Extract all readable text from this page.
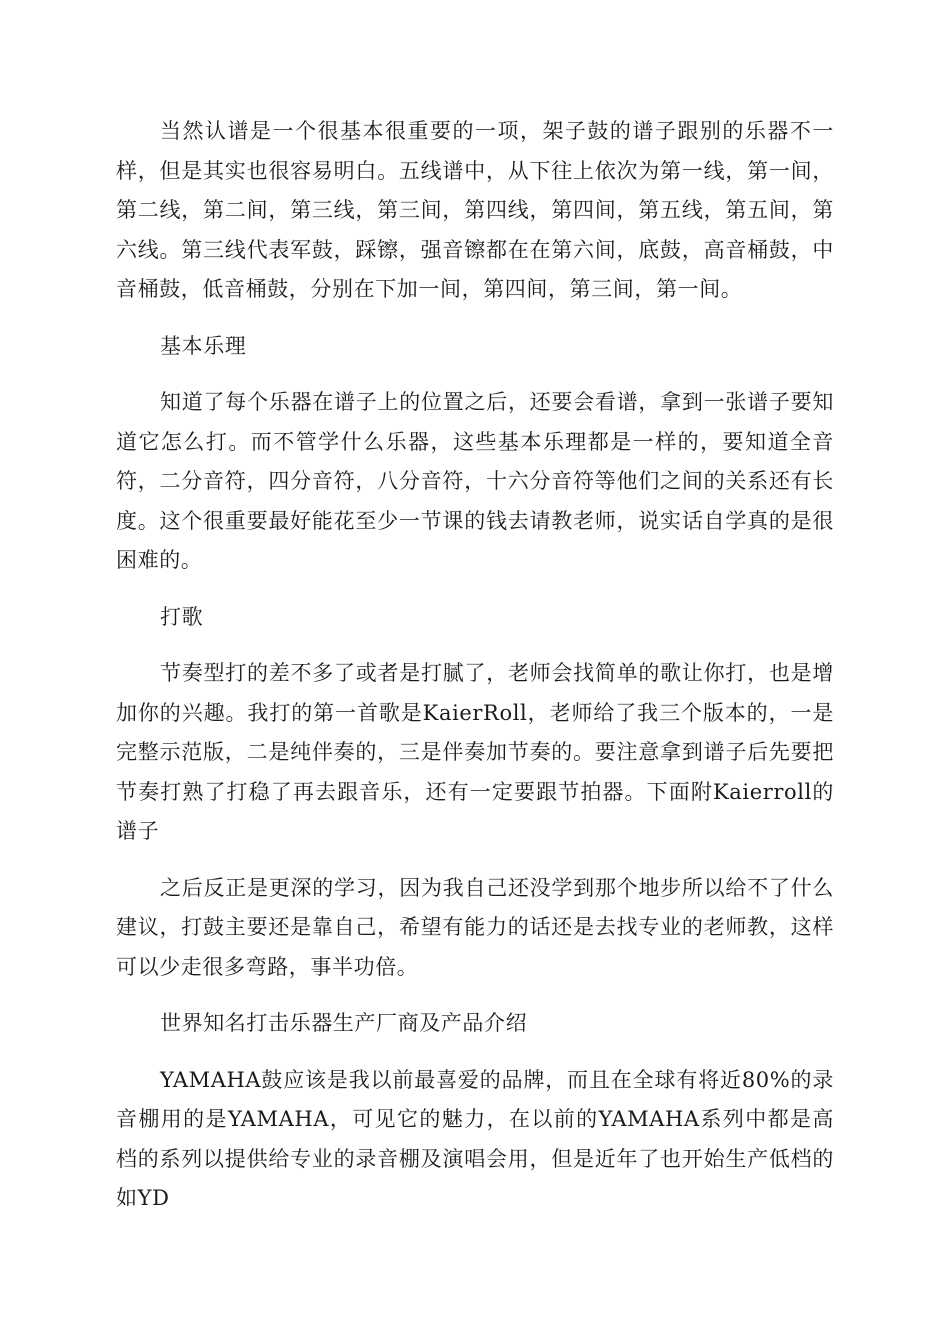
当然认谱是一个很基本很重要的一项，架子鼓的谱子跟别的乐器不一样，但是其实也很容易明白。五线谱中，从下往上依次为第一线，第一间，第二线，第二间，第三线，第三间，第四线，第四间，第五线，第五间，第六线。第三线代表军鼓，踩镲，强音镲都在在第六间，底鼓，高音桶鼓，中音桶鼓，低音桶鼓，分别在下加一间，第四间，第三间，第一间。

基本乐理

知道了每个乐器在谱子上的位置之后，还要会看谱，拿到一张谱子要知道它怎么打。而不管学什么乐器，这些基本乐理都是一样的，要知道全音符，二分音符，四分音符，八分音符，十六分音符等他们之间的关系还有长度。这个很重要最好能花至少一节课的钱去请教老师，说实话自学真的是很困难的。

打歌

节奏型打的差不多了或者是打腻了，老师会找简单的歌让你打，也是增加你的兴趣。我打的第一首歌是KaierRoll，老师给了我三个版本的，一是完整示范版，二是纯伴奏的，三是伴奏加节奏的。要注意拿到谱子后先要把节奏打熟了打稳了再去跟音乐，还有一定要跟节拍器。下面附Kaierroll的谱子

之后反正是更深的学习，因为我自己还没学到那个地步所以给不了什么建议，打鼓主要还是靠自己，希望有能力的话还是去找专业的老师教，这样可以少走很多弯路，事半功倍。

世界知名打击乐器生产厂商及产品介绍

YAMAHA鼓应该是我以前最喜爱的品牌，而且在全球有将近80%的录音棚用的是YAMAHA，可见它的魅力，在以前的YAMAHA系列中都是高档的系列以提供给专业的录音棚及演唱会用，但是近年了也开始生产低档的如YD
